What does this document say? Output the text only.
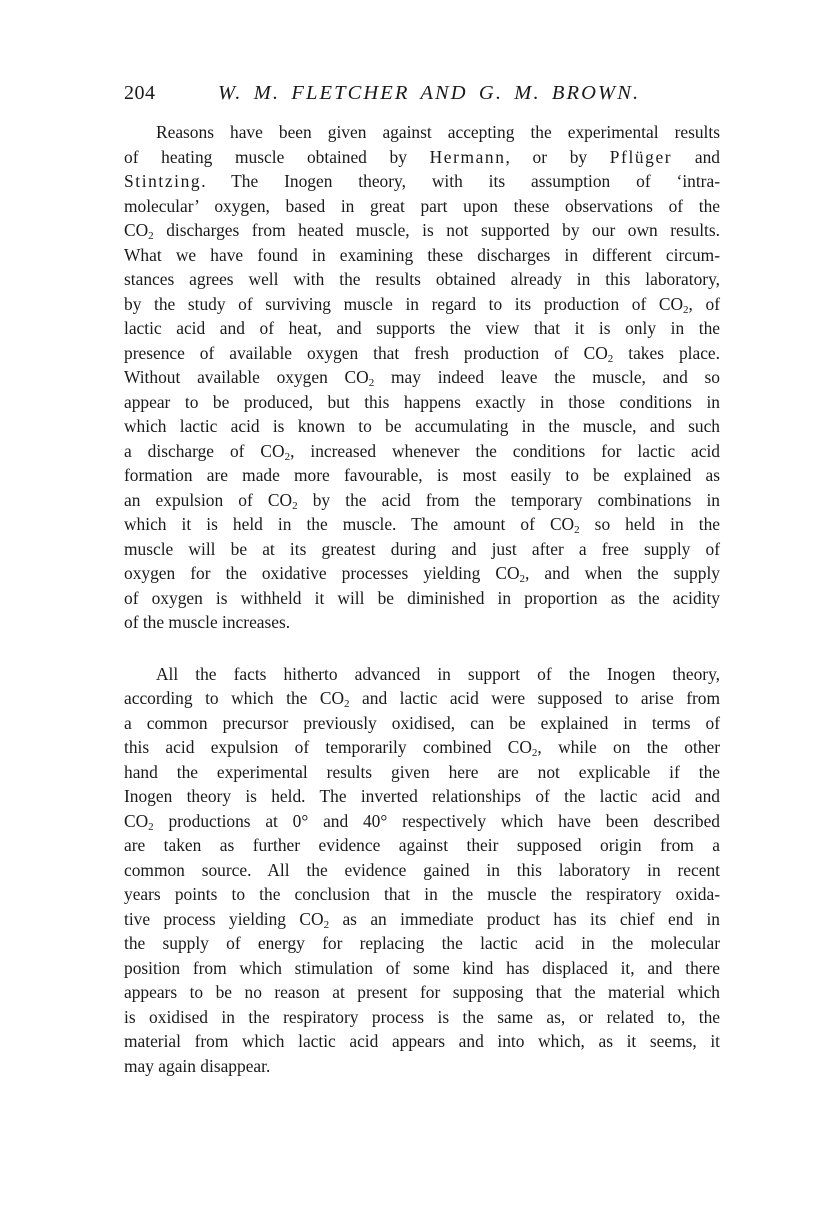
204	W. M. FLETCHER AND G. M. BROWN.
Reasons have been given against accepting the experimental results
of heating muscle obtained by Hermann, or by Pflüger and
Stintzing. The Inogen theory, with its assumption of ‘intra-
molecular’ oxygen, based in great part upon these observations of the
$CO_2$ discharges from heated muscle, is not supported by our own results.
What we have found in examining these discharges in different circum-
stances agrees well with the results obtained already in this laboratory,
by the study of surviving muscle in regard to its production of $CO_2$, of
lactic acid and of heat, and supports the view that it is only in the
presence of available oxygen that fresh production of $CO_2$ takes place.
Without available oxygen $CO_2$ may indeed leave the muscle, and so
appear to be produced, but this happens exactly in those conditions in
which lactic acid is known to be accumulating in the muscle, and such
a discharge of $CO_2$, increased whenever the conditions for lactic acid
formation are made more favourable, is most easily to be explained as
an expulsion of $CO_2$ by the acid from the temporary combinations in
which it is held in the muscle. The amount of $CO_2$ so held in the
muscle will be at its greatest during and just after a free supply of
oxygen for the oxidative processes yielding $CO_2$, and when the supply
of oxygen is withheld it will be diminished in proportion as the acidity
of the muscle increases.
All the facts hitherto advanced in support of the Inogen theory,
according to which the $CO_2$ and lactic acid were supposed to arise from
a common precursor previously oxidised, can be explained in terms of
this acid expulsion of temporarily combined $CO_2$, while on the other
hand the experimental results given here are not explicable if the
Inogen theory is held. The inverted relationships of the lactic acid and
$CO_2$ productions at 0° and 40° respectively which have been described
are taken as further evidence against their supposed origin from a
common source. All the evidence gained in this laboratory in recent
years points to the conclusion that in the muscle the respiratory oxida-
tive process yielding $CO_2$ as an immediate product has its chief end in
the supply of energy for replacing the lactic acid in the molecular
position from which stimulation of some kind has displaced it, and there
appears to be no reason at present for supposing that the material which
is oxidised in the respiratory process is the same as, or related to, the
material from which lactic acid appears and into which, as it seems, it
may again disappear.
